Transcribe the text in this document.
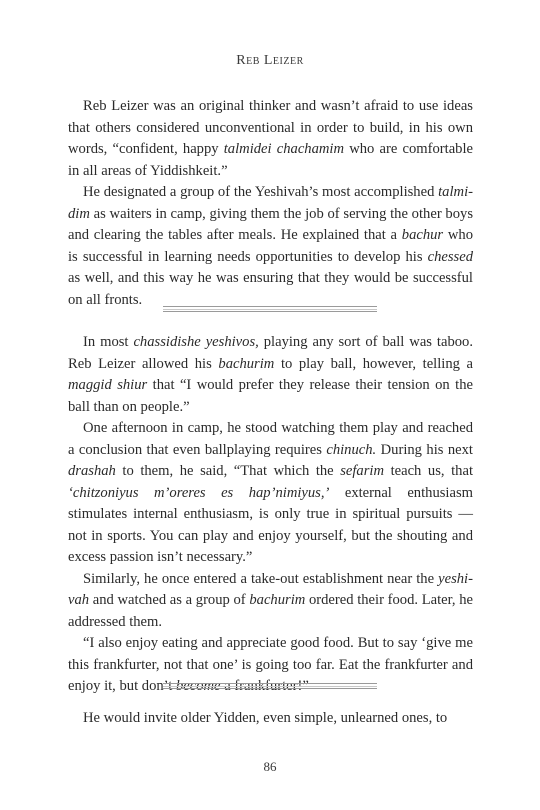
Reb Leizer

Reb Leizer was an original thinker and wasn’t afraid to use ideas that others considered unconventional in order to build, in his own words, “confident, happy talmidei chachamim who are comfortable in all areas of Yiddishkeit.”

He designated a group of the Yeshivah’s most accomplished talmidim as waiters in camp, giving them the job of serving the other boys and clearing the tables after meals. He explained that a bachur who is successful in learning needs opportunities to develop his chessed as well, and this way he was ensuring that they would be successful on all fronts.

In most chassidishe yeshivos, playing any sort of ball was taboo. Reb Leizer allowed his bachurim to play ball, however, telling a maggid shiur that “I would prefer they release their tension on the ball than on people.”

One afternoon in camp, he stood watching them play and reached a conclusion that even ballplaying requires chinuch. During his next drashah to them, he said, “That which the sefarim teach us, that ‘chitzoniyus m’oreres es hap’nimiyus,’ external enthusiasm stimulates internal enthusiasm, is only true in spiritual pursuits — not in sports. You can play and enjoy yourself, but the shouting and excess passion isn’t necessary.”

Similarly, he once entered a take-out establishment near the yeshivah and watched as a group of bachurim ordered their food. Later, he addressed them.

“I also enjoy eating and appreciate good food. But to say ‘give me this frankfurter, not that one’ is going too far. Eat the frankfurter and enjoy it, but don’t become a frankfurter!”

He would invite older Yidden, even simple, unlearned ones, to

86
